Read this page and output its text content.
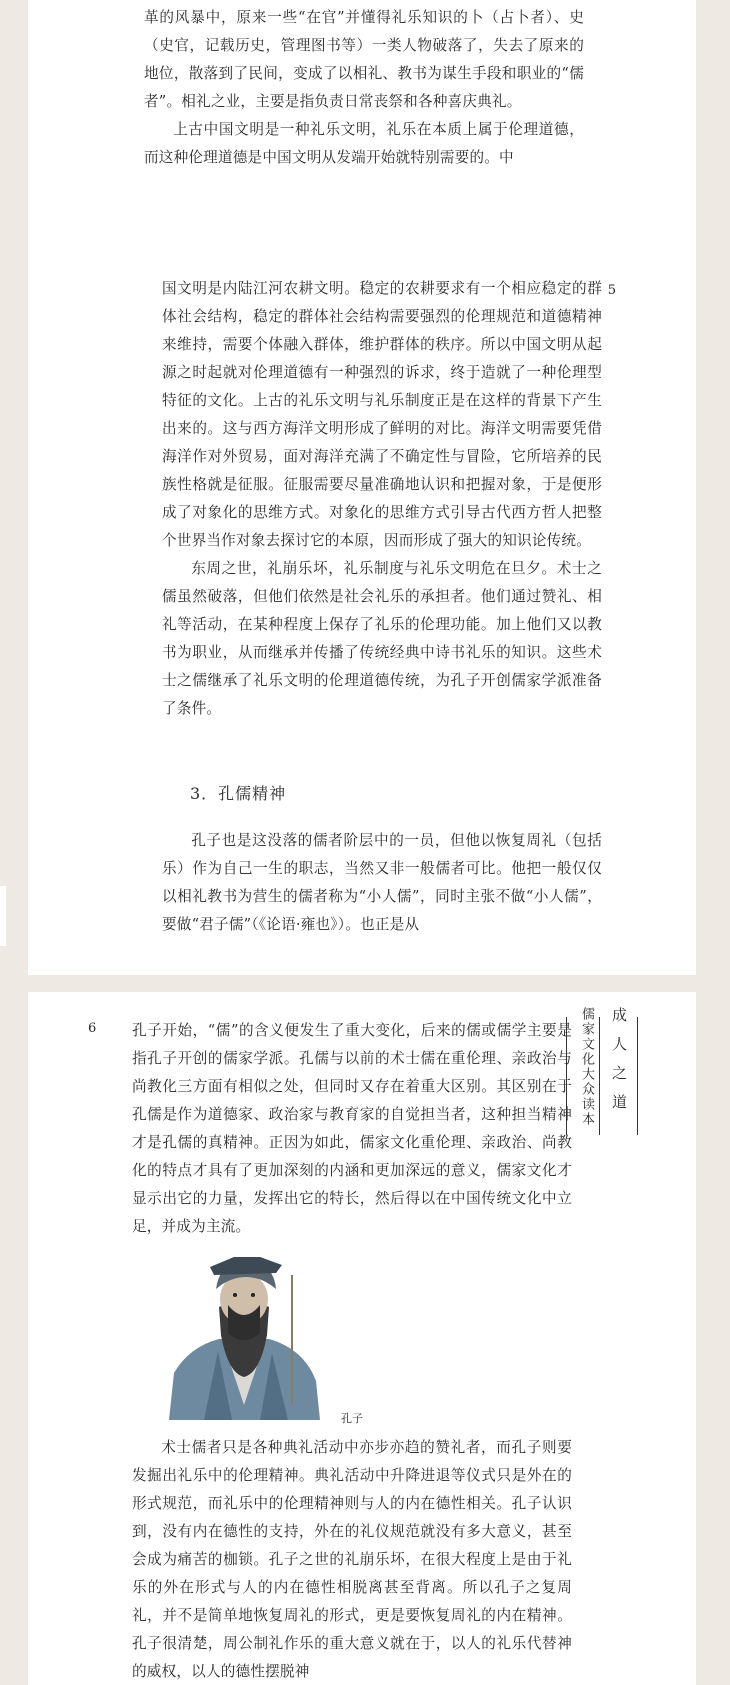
革的风暴中，原来一些“在官”并懂得礼乐知识的卜（占卜者）、史（史官，记载历史，管理图书等）一类人物破落了，失去了原来的地位，散落到了民间，变成了以相礼、教书为谋生手段和职业的“儒者”。相礼之业，主要是指负责日常丧祭和各种喜庆典礼。

上古中国文明是一种礼乐文明，礼乐在本质上属于伦理道德，而这种伦理道德是中国文明从发端开始就特别需要的。中

5

国文明是内陆江河农耕文明。稳定的农耕要求有一个相应稳定的群体社会结构，稳定的群体社会结构需要强烈的伦理规范和道德精神来维持，需要个体融入群体，维护群体的秩序。所以中国文明从起源之时起就对伦理道德有一种强烈的诉求，终于造就了一种伦理型特征的文化。上古的礼乐文明与礼乐制度正是在这样的背景下产生出来的。这与西方海洋文明形成了鲜明的对比。海洋文明需要凭借海洋作对外贸易，面对海洋充满了不确定性与冒险，它所培养的民族性格就是征服。征服需要尽量准确地认识和把握对象，于是便形成了对象化的思维方式。对象化的思维方式引导古代西方哲人把整个世界当作对象去探讨它的本原，因而形成了强大的知识论传统。

东周之世，礼崩乐坏，礼乐制度与礼乐文明危在旦夕。术士之儒虽然破落，但他们依然是社会礼乐的承担者。他们通过赞礼、相礼等活动，在某种程度上保存了礼乐的伦理功能。加上他们又以教书为职业，从而继承并传播了传统经典中诗书礼乐的知识。这些术士之儒继承了礼乐文明的伦理道德传统，为孔子开创儒家学派准备了条件。

3．孔儒精神

孔子也是这没落的儒者阶层中的一员，但他以恢复周礼（包括乐）作为自己一生的职志，当然又非一般儒者可比。他把一般仅仅以相礼教书为营生的儒者称为“小人儒”，同时主张不做“小人儒”，要做“君子儒”（《论语·雍也》）。也正是从

6	儒家文化大众读本 成人之道

孔子开始，“儒”的含义便发生了重大变化，后来的儒或儒学主要是指孔子开创的儒家学派。孔儒与以前的术士儒在重伦理、亲政治与尚教化三方面有相似之处，但同时又存在着重大区别。其区别在于孔儒是作为道德家、政治家与教育家的自觉担当者，这种担当精神才是孔儒的真精神。正因为如此，儒家文化重伦理、亲政治、尚教化的特点才具有了更加深刻的内涵和更加深远的意义，儒家文化才显示出它的力量，发挥出它的特长，然后得以在中国传统文化中立足，并成为主流。

孔子

术士儒者只是各种典礼活动中亦步亦趋的赞礼者，而孔子则要发掘出礼乐中的伦理精神。典礼活动中升降进退等仪式只是外在的形式规范，而礼乐中的伦理精神则与人的内在德性相关。孔子认识到，没有内在德性的支持，外在的礼仪规范就没有多大意义，甚至会成为痛苦的枷锁。孔子之世的礼崩乐坏，在很大程度上是由于礼乐的外在形式与人的内在德性相脱离甚至背离。所以孔子之复周礼，并不是简单地恢复周礼的形式，更是要恢复周礼的内在精神。孔子很清楚，周公制礼作乐的重大意义就在于，以人的礼乐代替神的威权，以人的德性摆脱神
